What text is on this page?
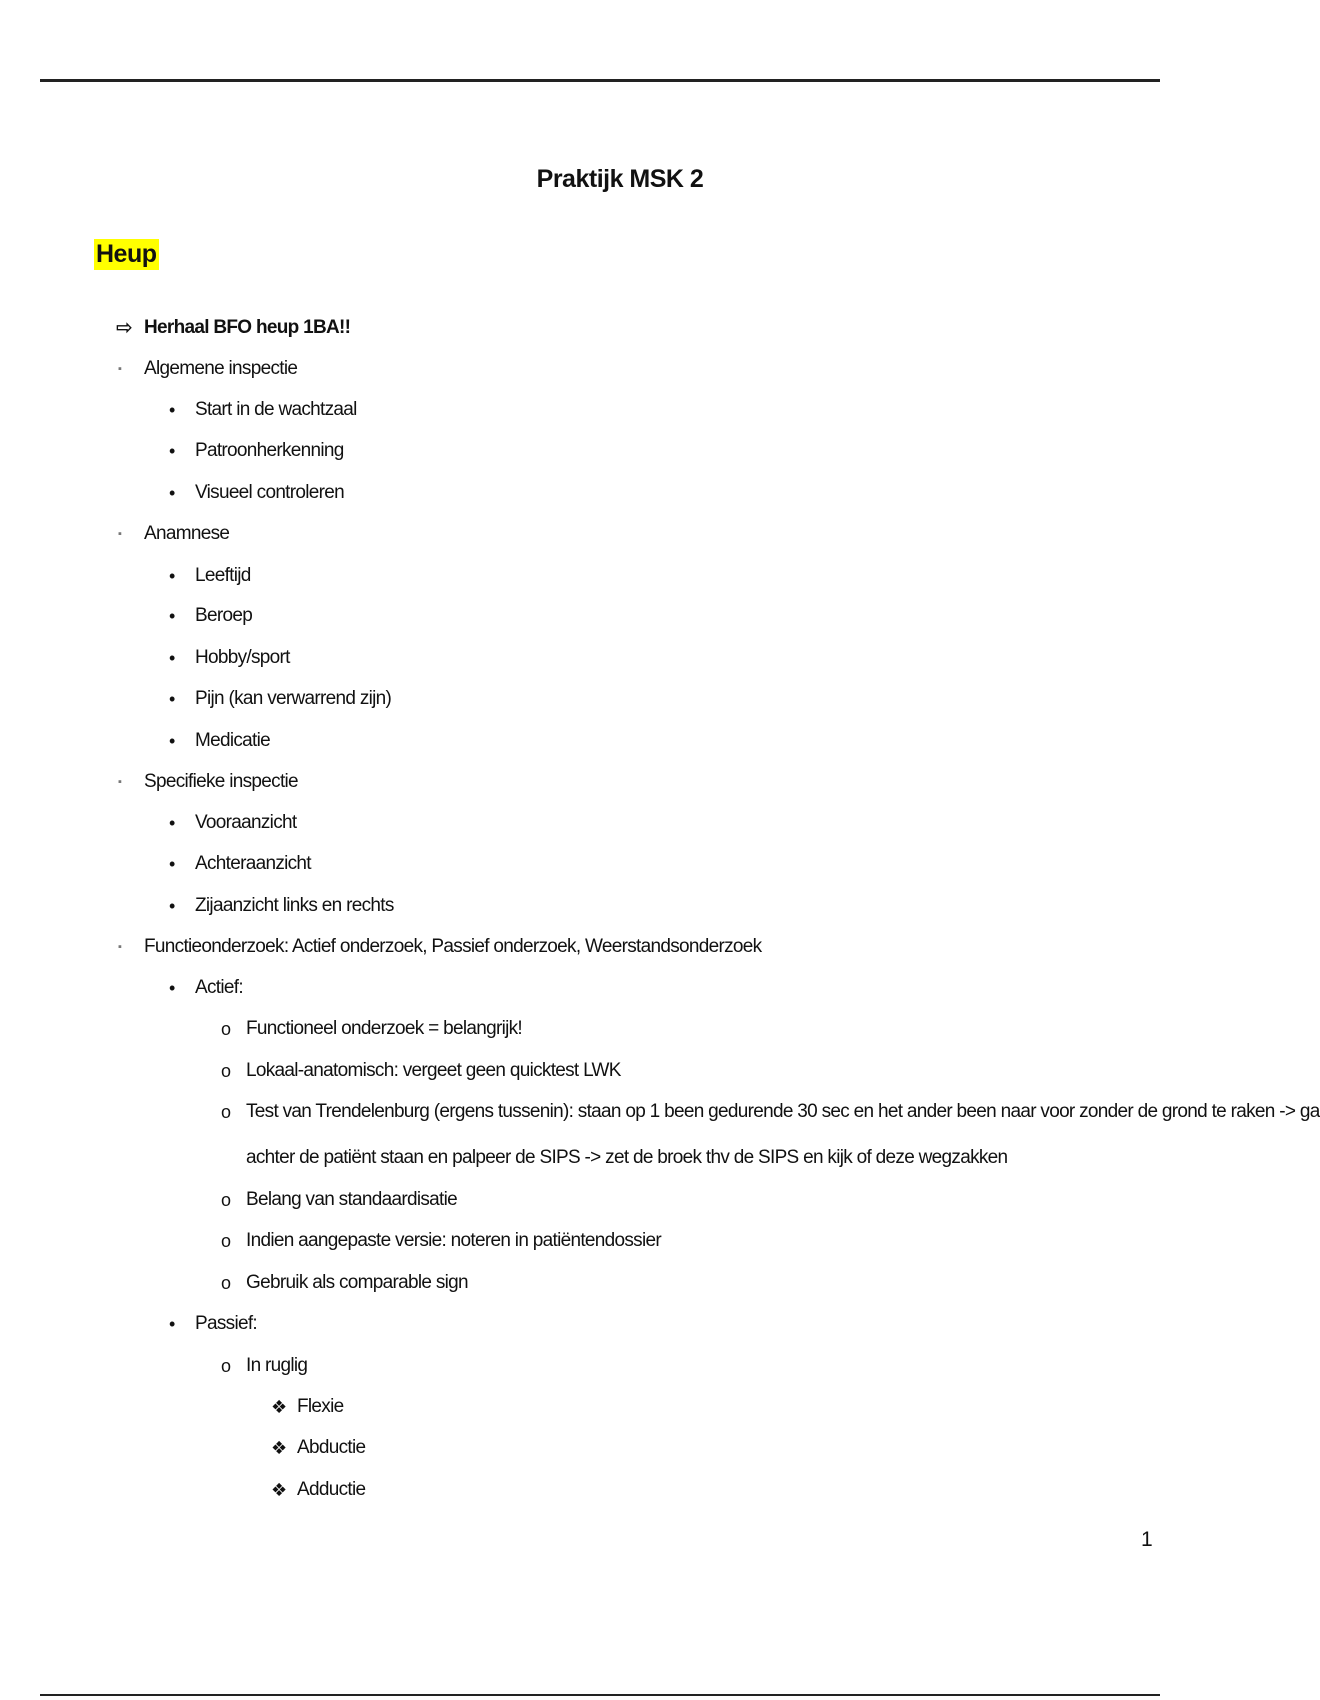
Praktijk MSK 2
Heup
⇨ Herhaal BFO heup 1BA!!
▪ Algemene inspectie
• Start in de wachtzaal
• Patroonherkenning
• Visueel controleren
▪ Anamnese
• Leeftijd
• Beroep
• Hobby/sport
• Pijn (kan verwarrend zijn)
• Medicatie
▪ Specifieke inspectie
• Vooraanzicht
• Achteraanzicht
• Zijaanzicht links en rechts
▪ Functieonderzoek: Actief onderzoek, Passief onderzoek, Weerstandsonderzoek
• Actief:
o Functioneel onderzoek = belangrijk!
o Lokaal-anatomisch: vergeet geen quicktest LWK
o Test van Trendelenburg (ergens tussenin): staan op 1 been gedurende 30 sec en het ander been naar voor zonder de grond te raken -> ga
achter de patiënt staan en palpeer de SIPS -> zet de broek thv de SIPS en kijk of deze wegzakken
o Belang van standaardisatie
o Indien aangepaste versie: noteren in patiëntendossier
o Gebruik als comparable sign
• Passief:
o In ruglig
❖ Flexie
❖ Abductie
❖ Adductie
1
